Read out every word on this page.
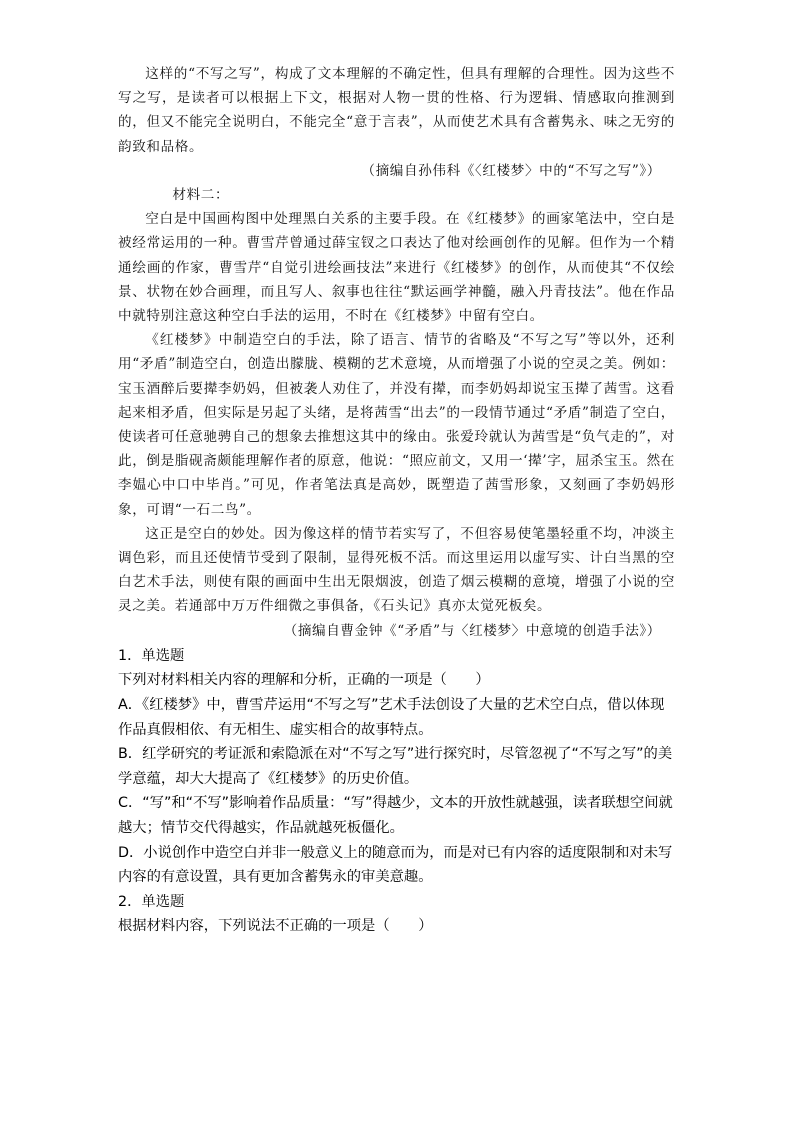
这样的“不写之写”，构成了文本理解的不确定性，但具有理解的合理性。因为这些不写之写，是读者可以根据上下文，根据对人物一贯的性格、行为逻辑、情感取向推测到的，但又不能完全说明白，不能完全“意于言表”，从而使艺术具有含蓄隽永、味之无穷的韵致和品格。

（摘编自孙伟科《〈红楼梦〉中的“不写之写”》）

材料二：

空白是中国画构图中处理黑白关系的主要手段。在《红楼梦》的画家笔法中，空白是被经常运用的一种。曹雪芹曾通过薛宝钗之口表达了他对绘画创作的见解。但作为一个精通绘画的作家，曹雪芹“自觉引进绘画技法”来进行《红楼梦》的创作，从而使其“不仅绘景、状物在妙合画理，而且写人、叙事也往往“默运画学神髓，融入丹青技法”。他在作品中就特别注意这种空白手法的运用，不时在《红楼梦》中留有空白。

《红楼梦》中制造空白的手法，除了语言、情节的省略及“不写之写”等以外，还利用“矛盾”制造空白，创造出朦胧、模糊的艺术意境，从而增强了小说的空灵之美。例如：宝玉酒醉后要撵李奶妈，但被袭人劝住了，并没有撵，而李奶妈却说宝玉撵了茜雪。这看起来相矛盾，但实际是另起了头绪，是将茜雪“出去”的一段情节通过“矛盾”制造了空白，使读者可任意驰骋自己的想象去推想这其中的缘由。张爱玲就认为茜雪是“负气走的”，对此，倒是脂砚斋颇能理解作者的原意，他说：“照应前文，又用一‘撵’字，屈杀宝玉。然在李媪心中口中毕肖。”可见，作者笔法真是高妙，既塑造了茜雪形象，又刻画了李奶妈形象，可谓“一石二鸟”。

这正是空白的妙处。因为像这样的情节若实写了，不但容易使笔墨轻重不均，冲淡主调色彩，而且还使情节受到了限制，显得死板不活。而这里运用以虚写实、计白当黑的空白艺术手法，则使有限的画面中生出无限烟波，创造了烟云模糊的意境，增强了小说的空灵之美。若通部中万万件细微之事俱备，《石头记》真亦太觉死板矣。

（摘编自曹金钟《“矛盾”与〈红楼梦〉中意境的创造手法》）

1．单选题

下列对材料相关内容的理解和分析，正确的一项是（　　）

A．《红楼梦》中，曹雪芹运用“不写之写”艺术手法创设了大量的艺术空白点，借以体现作品真假相依、有无相生、虚实相合的故事特点。

B．红学研究的考证派和索隐派在对“不写之写”进行探究时，尽管忽视了“不写之写”的美学意蕴，却大大提高了《红楼梦》的历史价值。

C．“写”和“不写”影响着作品质量：“写”得越少，文本的开放性就越强，读者联想空间就越大；情节交代得越实，作品就越死板僵化。

D．小说创作中造空白并非一般意义上的随意而为，而是对已有内容的适度限制和对未写内容的有意设置，具有更加含蓄隽永的审美意趣。

2．单选题

根据材料内容，下列说法不正确的一项是（　　）
